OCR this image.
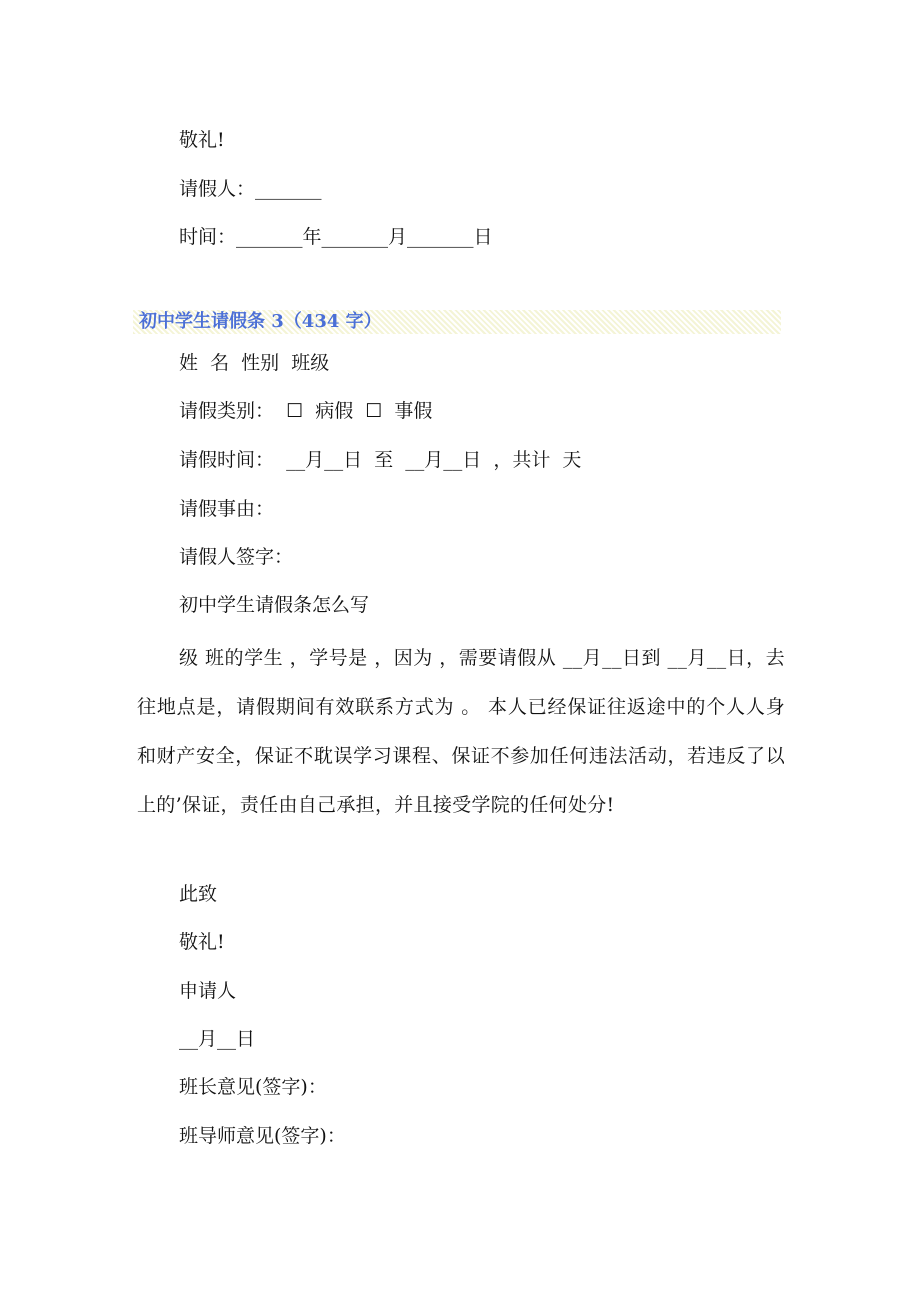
敬礼!
请假人：_______
时间：_______年_______月_______日
初中学生请假条 3（434 字）
姓  名  性别  班级
请假类别：  ☐  病假  ☐  事假
请假时间：  __月__日  至  __月__日  ，共计  天
请假事由：
请假人签字：
初中学生请假条怎么写
级 班的学生 ，学号是 ，因为 ，需要请假从 __月__日到 __月__日，去往地点是，请假期间有效联系方式为 。 本人已经保证往返途中的个人人身和财产安全，保证不耽误学习课程、保证不参加任何违法活动，若违反了以上的’保证，责任由自己承担，并且接受学院的任何处分!
此致
敬礼!
申请人
__月__日
班长意见(签字)：
班导师意见(签字)：
